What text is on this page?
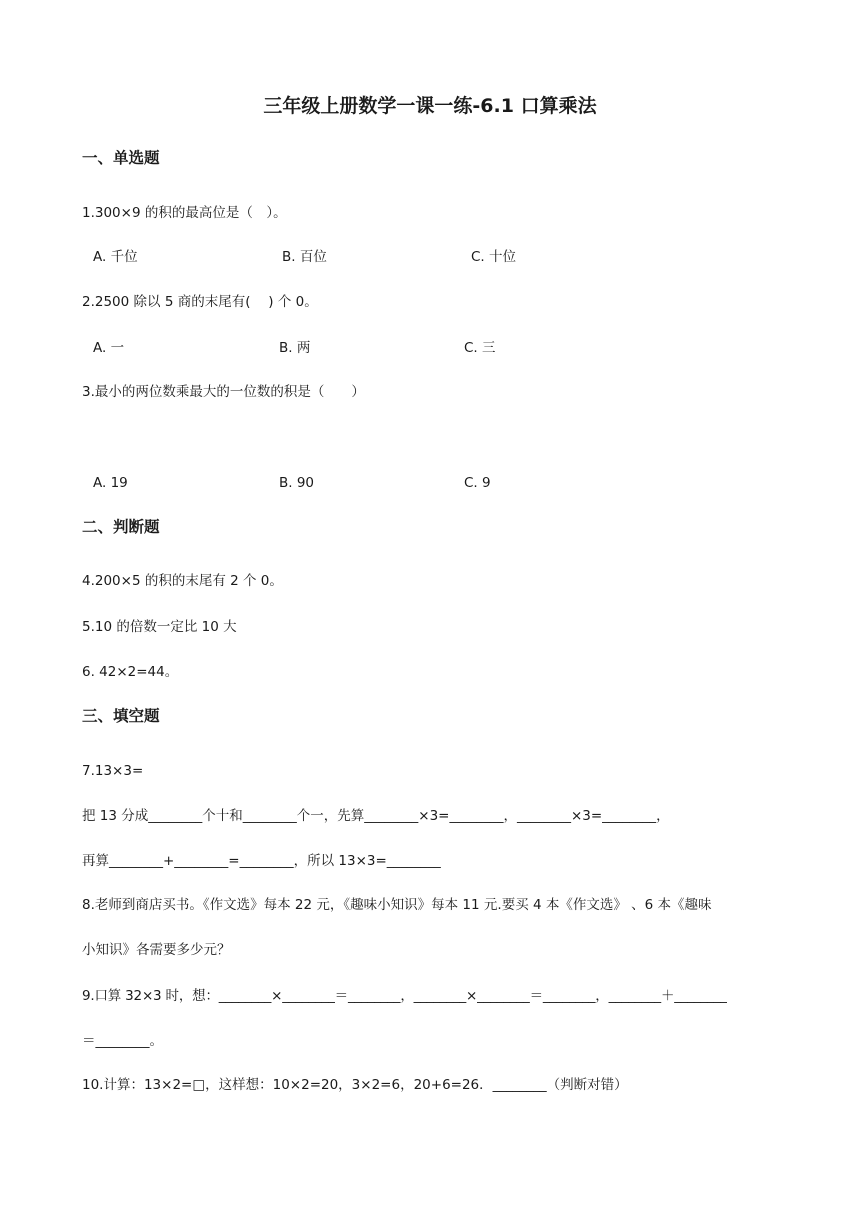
三年级上册数学一课一练-6.1 口算乘法
一、单选题
1.300×9 的积的最高位是（　）。
A. 千位	B. 百位	C. 十位
2.2500 除以 5 商的末尾有(　 ) 个 0。
A. 一	B. 两	C. 三
3.最小的两位数乘最大的一位数的积是（　　）
A. 19	B. 90	C. 9
二、判断题
4.200×5 的积的末尾有 2 个 0。
5.10 的倍数一定比 10 大
6. 42×2=44。
三、填空题
7.13×3=
把 13 分成________个十和________个一，先算________×3=________，________×3=________，
再算________+________=________，所以 13×3=________
8.老师到商店买书。《作文选》每本 22 元，《趣味小知识》每本 11 元.要买 4 本《作文选》 、6 本《趣味
小知识》各需要多少元？
9.口算 32×3 时，想：________×________＝________，________×________＝________，________＋________
＝________。
10.计算：13×2=□，这样想：10×2=20，3×2=6，20+6=26．________（判断对错）
